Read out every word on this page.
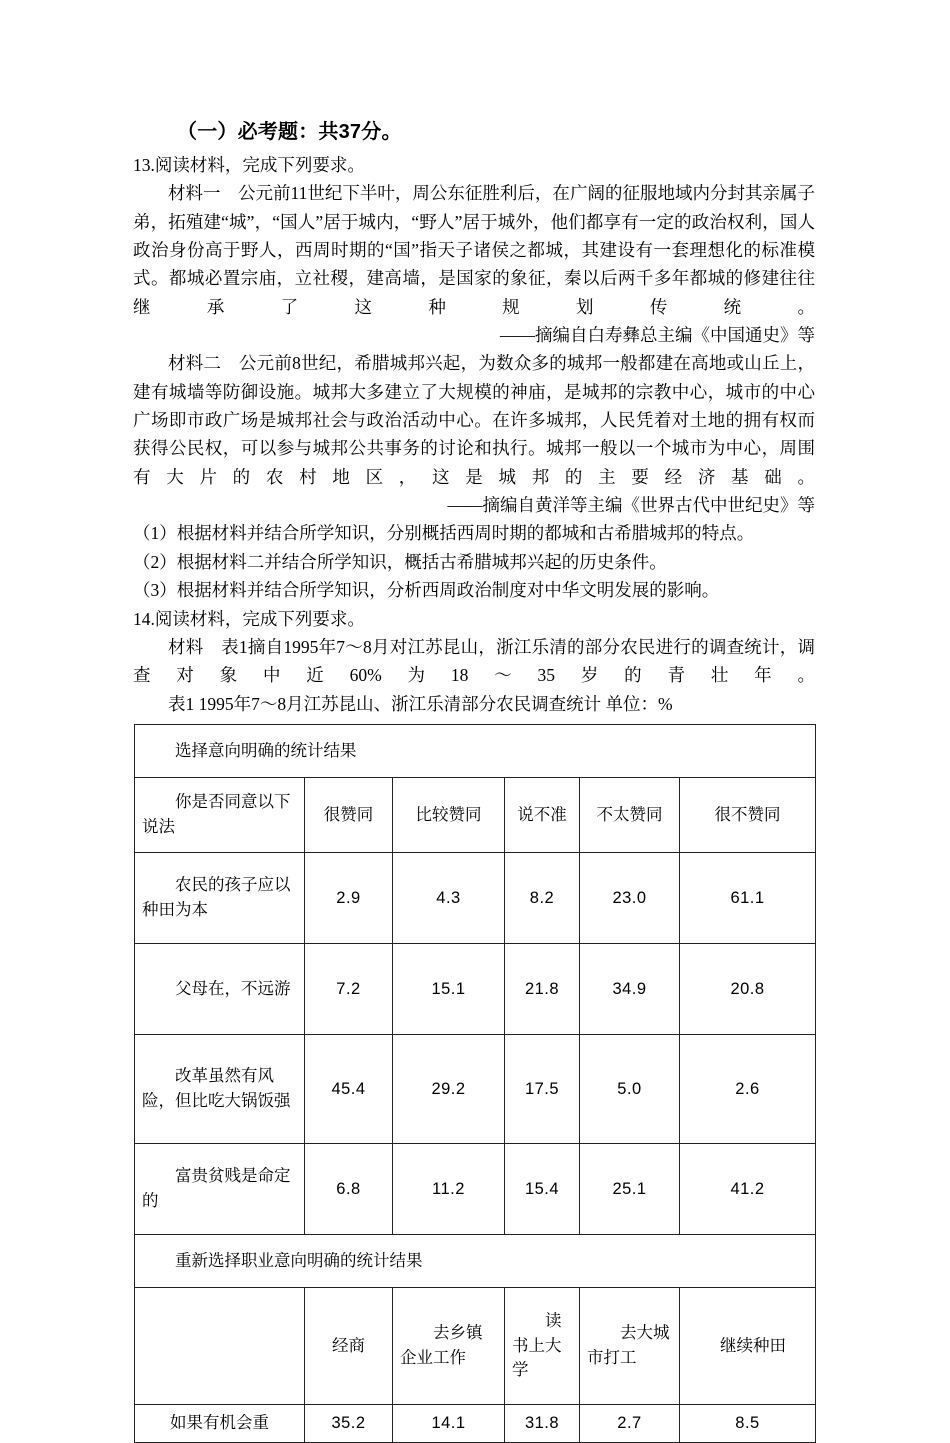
（一）必考题：共37分。

13.阅读材料，完成下列要求。

材料一　公元前11世纪下半叶，周公东征胜利后，在广阔的征服地域内分封其亲属子弟，拓殖建“城”，“国人”居于城内，“野人”居于城外，他们都享有一定的政治权利，国人政治身份高于野人，西周时期的“国”指天子诸侯之都城，其建设有一套理想化的标准模式。都城必置宗庙，立社稷，建高墙，是国家的象征，秦以后两千多年都城的修建往往继承了这种规划传统。

——摘编自白寿彝总主编《中国通史》等

材料二　公元前8世纪，希腊城邦兴起，为数众多的城邦一般都建在高地或山丘上，建有城墙等防御设施。城邦大多建立了大规模的神庙，是城邦的宗教中心，城市的中心广场即市政广场是城邦社会与政治活动中心。在许多城邦，人民凭着对土地的拥有权而获得公民权，可以参与城邦公共事务的讨论和执行。城邦一般以一个城市为中心，周围有大片的农村地区，这是城邦的主要经济基础。

——摘编自黄洋等主编《世界古代中世纪史》等

（1）根据材料并结合所学知识，分别概括西周时期的都城和古希腊城邦的特点。

（2）根据材料二并结合所学知识，概括古希腊城邦兴起的历史条件。

（3）根据材料并结合所学知识，分析西周政治制度对中华文明发展的影响。

14.阅读材料，完成下列要求。

材料　表1摘自1995年7～8月对江苏昆山，浙江乐清的部分农民进行的调查统计，调查对象中近60%为18～35岁的青壮年。

表1 1995年7～8月江苏昆山、浙江乐清部分农民调查统计 单位：%

选择意向明确的统计结果					
你是否同意以下说法	很赞同	比较赞同	说不准	不太赞同	很不赞同
农民的孩子应以种田为本	2.9	4.3	8.2	23.0	61.1
父母在，不远游	7.2	15.1	21.8	34.9	20.8
改革虽然有风险，但比吃大锅饭强	45.4	29.2	17.5	5.0	2.6
富贵贫贱是命定的	6.8	11.2	15.4	25.1	41.2
重新选择职业意向明确的统计结果					
	经商	去乡镇企业工作	读书上大学	去大城市打工	继续种田
如果有机会重	35.2	14.1	31.8	2.7	8.5
